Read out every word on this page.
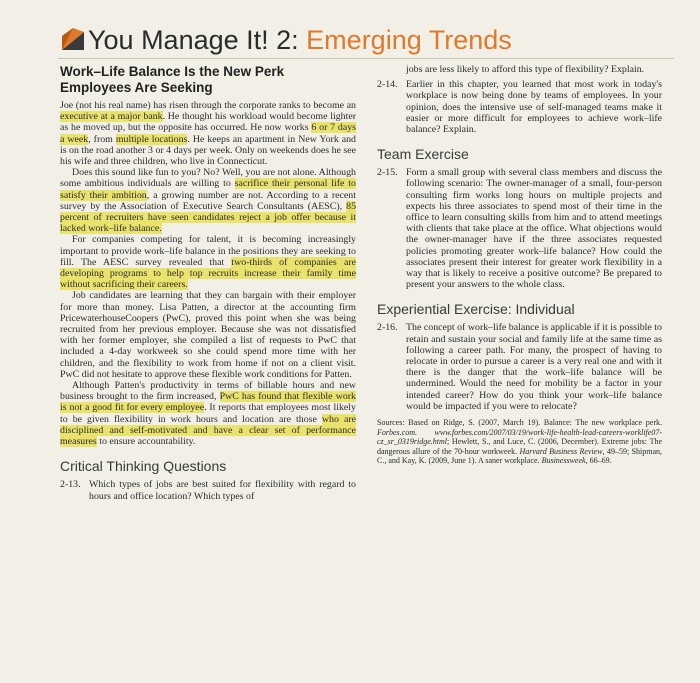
You Manage It! 2: Emerging Trends
Work–Life Balance Is the New Perk Employees Are Seeking

Joe (not his real name) has risen through the corporate ranks to become an executive at a major bank. He thought his workload would become lighter as he moved up, but the opposite has occurred. He now works 6 or 7 days a week, from multiple locations. He keeps an apartment in New York and is on the road another 3 or 4 days per week. Only on weekends does he see his wife and three children, who live in Connecticut.

Does this sound like fun to you? No? Well, you are not alone. Although some ambitious individuals are willing to sacrifice their personal life to satisfy their ambition, a growing number are not. According to a recent survey by the Association of Executive Search Consultants (AESC), 85 percent of recruiters have seen candidates reject a job offer because it lacked work–life balance.

For companies competing for talent, it is becoming increasingly important to provide work–life balance in the positions they are seeking to fill. The AESC survey revealed that two-thirds of companies are developing programs to help top recruits increase their family time without sacrificing their careers.

Job candidates are learning that they can bargain with their employer for more than money. Lisa Patten, a director at the accounting firm PricewaterhouseCoopers (PwC), proved this point when she was being recruited from her previous employer. Because she was not dissatisfied with her former employer, she compiled a list of requests to PwC that included a 4-day workweek so she could spend more time with her children, and the flexibility to work from home if not on a client visit. PwC did not hesitate to approve these flexible work conditions for Patten.

Although Patten's productivity in terms of billable hours and new business brought to the firm increased, PwC has found that flexible work is not a good fit for every employee. It reports that employees most likely to be given flexibility in work hours and location are those who are disciplined and self-motivated and have a clear set of performance measures to ensure accountability.

Critical Thinking Questions
2-13. Which types of jobs are best suited for flexibility with regard to hours and office location? Which types of
jobs are less likely to afford this type of flexibility? Explain.
2-14. Earlier in this chapter, you learned that most work in today's workplace is now being done by teams of employees. In your opinion, does the intensive use of self-managed teams make it easier or more difficult for employees to achieve work–life balance? Explain.
Team Exercise
2-15. Form a small group with several class members and discuss the following scenario: The owner-manager of a small, four-person consulting firm works long hours on multiple projects and expects his three associates to spend most of their time in the office to learn consulting skills from him and to attend meetings with clients that take place at the office. What objections would the owner-manager have if the three associates requested policies promoting greater work–life balance? How could the associates present their interest for greater work flexibility in a way that is likely to receive a positive outcome? Be prepared to present your answers to the whole class.
Experiential Exercise: Individual
2-16. The concept of work–life balance is applicable if it is possible to retain and sustain your social and family life at the same time as following a career path. For many, the prospect of having to relocate in order to pursue a career is a very real one and with it there is the danger that the work–life balance will be undermined. Would the need for mobility be a factor in your intended career? How do you think your work–life balance would be impacted if you were to relocate?
Sources: Based on Ridge, S. (2007, March 19). Balance: The new workplace perk. Forbes.com. www.forbes.com/2007/03/19/work-life-health-lead-careers-worklife07-cz_sr_0319ridge.html; Hewlett, S., and Luce, C. (2006, December). Extreme jobs: The dangerous allure of the 70-hour workweek. Harvard Business Review, 49–59; Shipman, C., and Kay, K. (2009, June 1). A saner workplace. Businessweek, 66–69.
